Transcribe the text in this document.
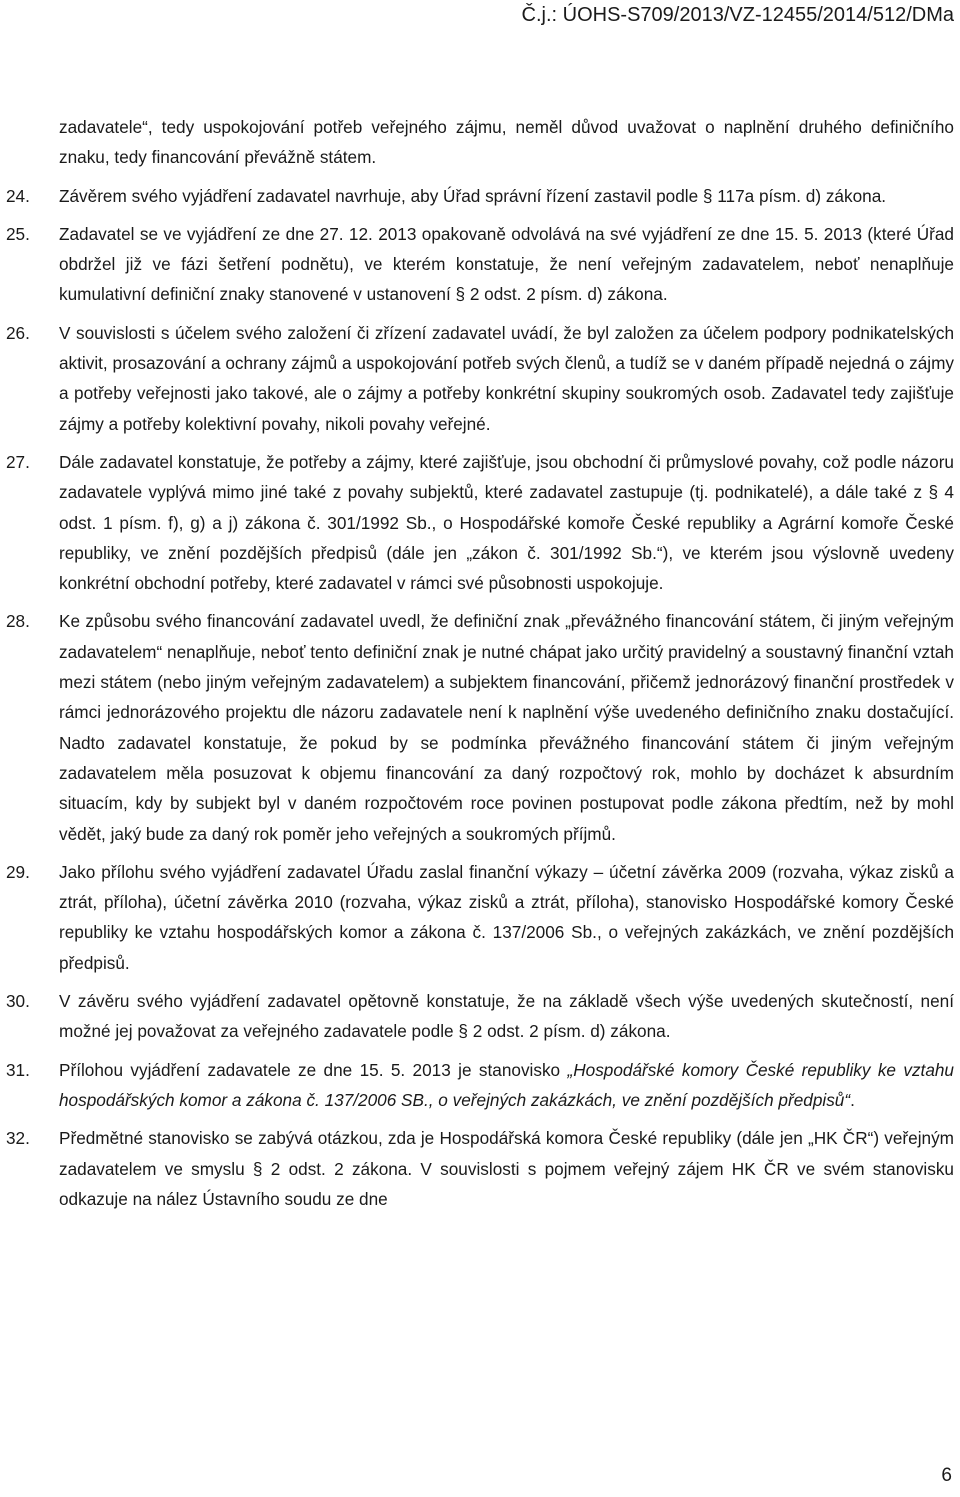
Č.j.: ÚOHS-S709/2013/VZ-12455/2014/512/DMa

zadavatele“, tedy uspokojování potřeb veřejného zájmu, neměl důvod uvažovat o naplnění druhého definičního znaku, tedy financování převážně státem.

24. Závěrem svého vyjádření zadavatel navrhuje, aby Úřad správní řízení zastavil podle § 117a písm. d) zákona.
25. Zadavatel se ve vyjádření ze dne 27. 12. 2013 opakovaně odvolává na své vyjádření ze dne 15. 5. 2013 (které Úřad obdržel již ve fázi šetření podnětu), ve kterém konstatuje, že není veřejným zadavatelem, neboť nenaplňuje kumulativní definiční znaky stanovené v ustanovení § 2 odst. 2 písm. d) zákona.
26. V souvislosti s účelem svého založení či zřízení zadavatel uvádí, že byl založen za účelem podpory podnikatelských aktivit, prosazování a ochrany zájmů a uspokojování potřeb svých členů, a tudíž se v daném případě nejedná o zájmy a potřeby veřejnosti jako takové, ale o zájmy a potřeby konkrétní skupiny soukromých osob. Zadavatel tedy zajišťuje zájmy a potřeby kolektivní povahy, nikoli povahy veřejné.
27. Dále zadavatel konstatuje, že potřeby a zájmy, které zajišťuje, jsou obchodní či průmyslové povahy, což podle názoru zadavatele vyplývá mimo jiné také z povahy subjektů, které zadavatel zastupuje (tj. podnikatelé), a dále také z § 4 odst. 1 písm. f), g) a j) zákona č. 301/1992 Sb., o Hospodářské komoře České republiky a Agrární komoře České republiky, ve znění pozdějších předpisů (dále jen „zákon č. 301/1992 Sb.“), ve kterém jsou výslovně uvedeny konkrétní obchodní potřeby, které zadavatel v rámci své působnosti uspokojuje.
28. Ke způsobu svého financování zadavatel uvedl, že definiční znak „převážného financování státem, či jiným veřejným zadavatelem“ nenaplňuje, neboť tento definiční znak je nutné chápat jako určitý pravidelný a soustavný finanční vztah mezi státem (nebo jiným veřejným zadavatelem) a subjektem financování, přičemž jednorázový finanční prostředek v rámci jednorázového projektu dle názoru zadavatele není k naplnění výše uvedeného definičního znaku dostačující. Nadto zadavatel konstatuje, že pokud by se podmínka převážného financování státem či jiným veřejným zadavatelem měla posuzovat k objemu financování za daný rozpočtový rok, mohlo by docházet k absurdním situacím, kdy by subjekt byl v daném rozpočtovém roce povinen postupovat podle zákona předtím, než by mohl vědět, jaký bude za daný rok poměr jeho veřejných a soukromých příjmů.
29. Jako přílohu svého vyjádření zadavatel Úřadu zaslal finanční výkazy – účetní závěrka 2009 (rozvaha, výkaz zisků a ztrát, příloha), účetní závěrka 2010 (rozvaha, výkaz zisků a ztrát, příloha), stanovisko Hospodářské komory České republiky ke vztahu hospodářských komor a zákona č. 137/2006 Sb., o veřejných zakázkách, ve znění pozdějších předpisů.
30. V závěru svého vyjádření zadavatel opětovně konstatuje, že na základě všech výše uvedených skutečností, není možné jej považovat za veřejného zadavatele podle § 2 odst. 2 písm. d) zákona.
31. Přílohou vyjádření zadavatele ze dne 15. 5. 2013 je stanovisko „Hospodářské komory České republiky ke vztahu hospodářských komor a zákona č. 137/2006 SB., o veřejných zakázkách, ve znění pozdějších předpisů“.
32. Předmětné stanovisko se zabývá otázkou, zda je Hospodářská komora České republiky (dále jen „HK ČR“) veřejným zadavatelem ve smyslu § 2 odst. 2 zákona. V souvislosti s pojmem veřejný zájem HK ČR ve svém stanovisku odkazuje na nález Ústavního soudu ze dne
6
